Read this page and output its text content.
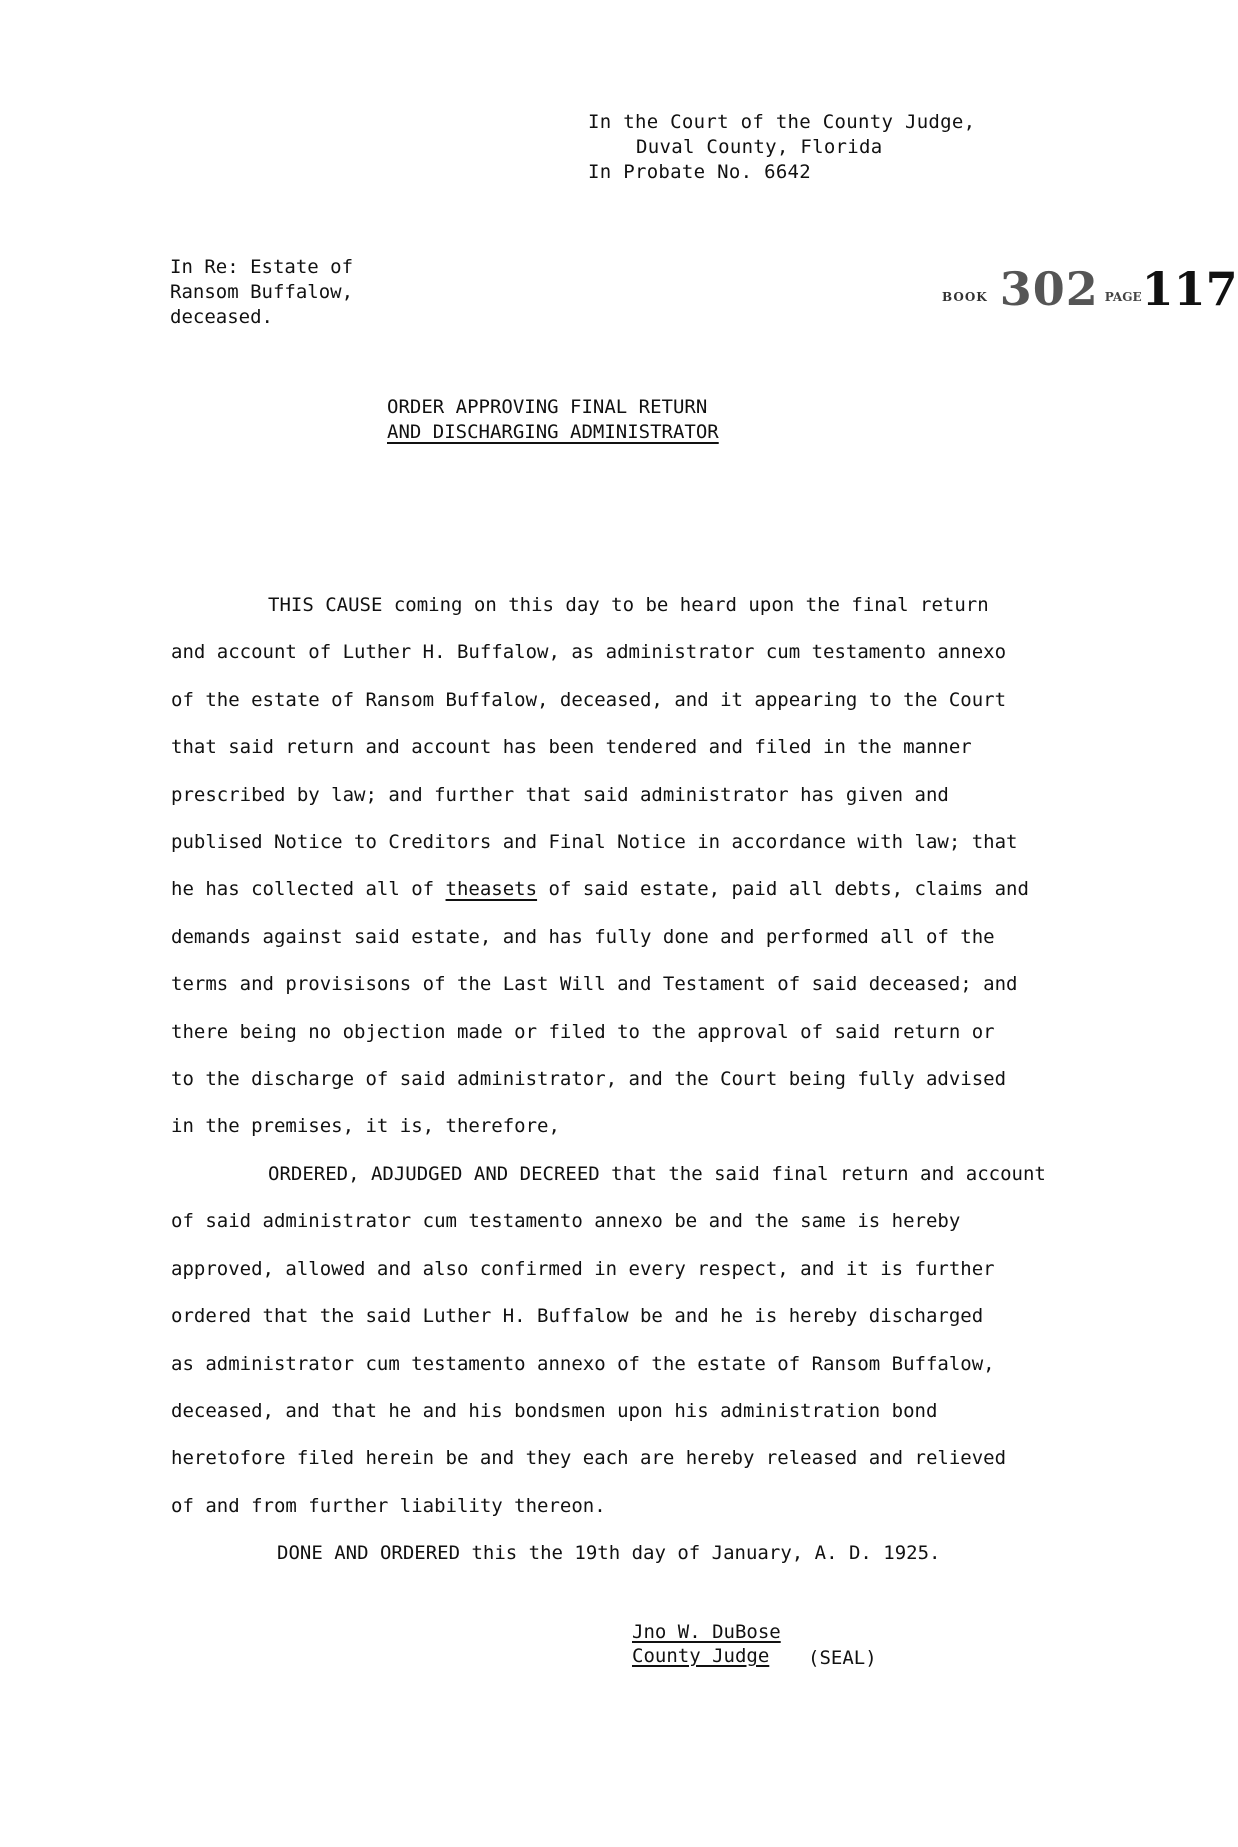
In the Court of the County Judge,
Duval County, Florida
In Probate No. 6642
In Re: Estate of
Ransom Buffalow,
deceased.
BOOK 302 PAGE117
ORDER APPROVING FINAL RETURN
AND DISCHARGING ADMINISTRATOR

THIS CAUSE coming on this day to be heard upon the final return

and account of Luther H. Buffalow, as administrator cum testamento annexo

of the estate of Ransom Buffalow, deceased, and it appearing to the Court

that said return and account has been tendered and filed in the manner

prescribed by law; and further that said administrator has given and

publised Notice to Creditors and Final Notice in accordance with law; that

he has collected all of theasets of said estate, paid all debts, claims and

demands against said estate, and has fully done and performed all of the

terms and provisisons of the Last Will and Testament of said deceased; and

there being no objection made or filed to the approval of said return or

to the discharge of said administrator, and the Court being fully advised

in the premises, it is, therefore,

ORDERED, ADJUDGED AND DECREED that the said final return and account

of said administrator cum testamento annexo be and the same is hereby

approved, allowed and also confirmed in every respect, and it is further

ordered that the said Luther H. Buffalow be and he is hereby discharged

as administrator cum testamento annexo of the estate of Ransom Buffalow,

deceased, and that he and his bondsmen upon his administration bond

heretofore filed herein be and they each are hereby released and relieved

of and from further liability thereon.

DONE AND ORDERED this the 19th day of January, A. D. 1925.

Jno W. DuBose
County Judge	(SEAL)
